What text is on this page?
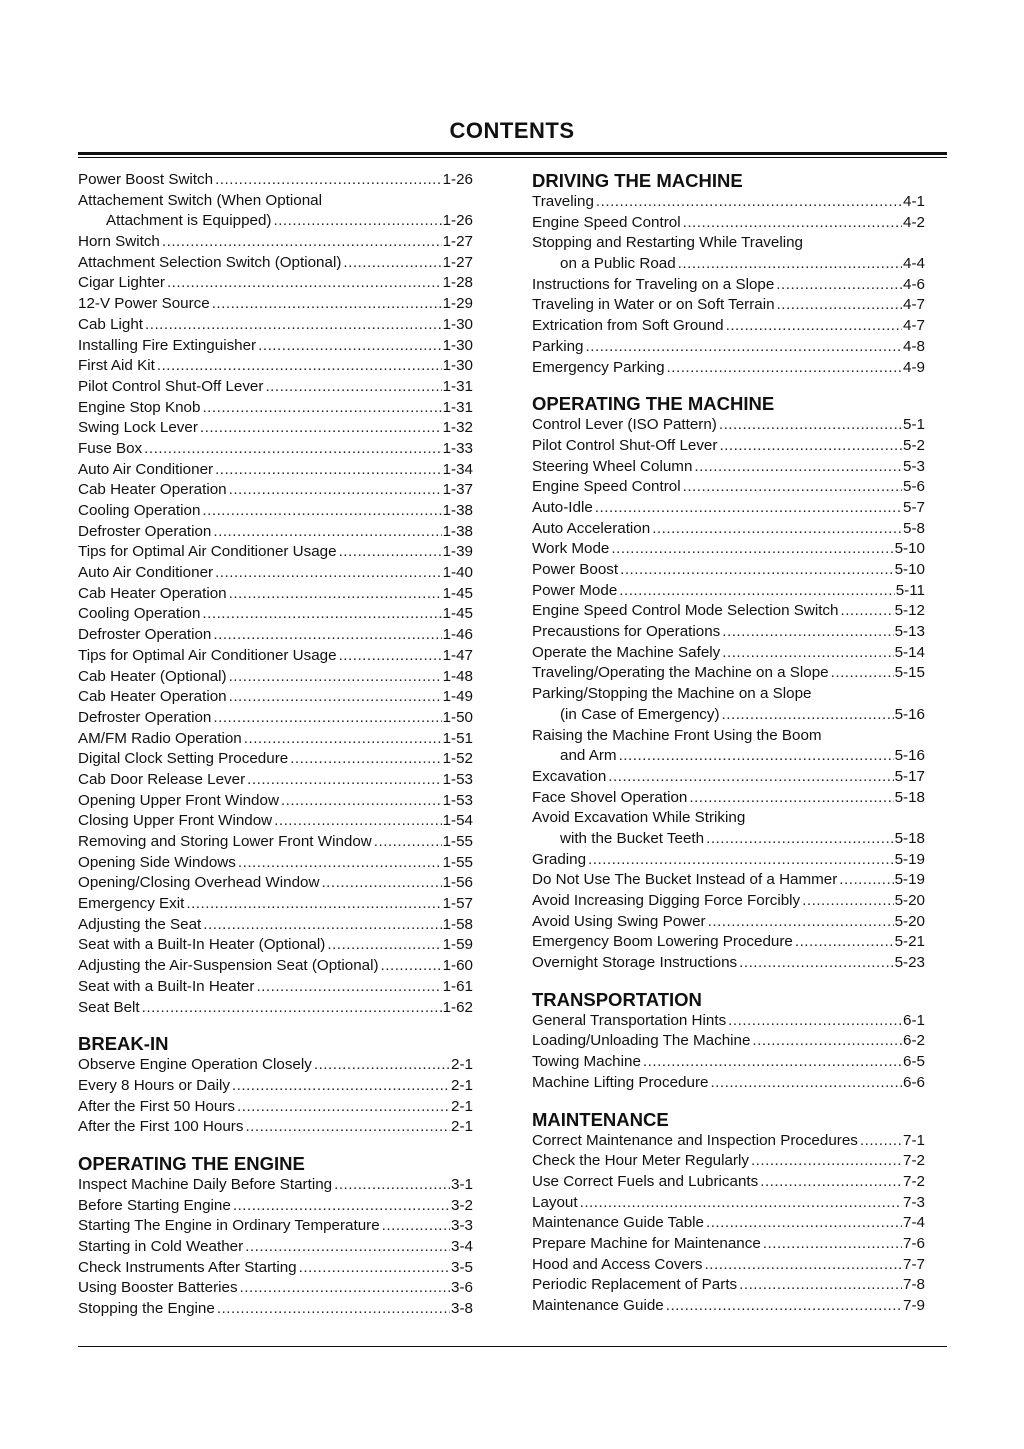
CONTENTS
Power Boost Switch .....	1-26
Attachement Switch (When Optional
Attachment is Equipped) .....	1-26
Horn Switch .....	1-27
Attachment Selection Switch (Optional) .....	1-27
Cigar Lighter .....	1-28
12-V Power Source .....	1-29
Cab Light .....	1-30
Installing Fire Extinguisher .....	1-30
First Aid Kit .....	1-30
Pilot Control Shut-Off Lever .....	1-31
Engine Stop Knob .....	1-31
Swing Lock Lever .....	1-32
Fuse Box .....	1-33
Auto Air Conditioner .....	1-34
Cab Heater Operation .....	1-37
Cooling Operation .....	1-38
Defroster Operation .....	1-38
Tips for Optimal Air Conditioner Usage .....	1-39
Auto Air Conditioner .....	1-40
Cab Heater Operation .....	1-45
Cooling Operation .....	1-45
Defroster Operation .....	1-46
Tips for Optimal Air Conditioner Usage .....	1-47
Cab Heater (Optional) .....	1-48
Cab Heater Operation .....	1-49
Defroster Operation .....	1-50
AM/FM Radio Operation .....	1-51
Digital Clock Setting Procedure .....	1-52
Cab Door Release Lever .....	1-53
Opening Upper Front Window .....	1-53
Closing Upper Front Window .....	1-54
Removing and Storing Lower Front Window .....	1-55
Opening Side Windows .....	1-55
Opening/Closing Overhead Window .....	1-56
Emergency Exit .....	1-57
Adjusting the Seat .....	1-58
Seat with a Built-In Heater (Optional) .....	1-59
Adjusting the Air-Suspension Seat (Optional) .....	1-60
Seat with a Built-In Heater .....	1-61
Seat Belt .....	1-62
BREAK-IN
Observe Engine Operation Closely .....	2-1
Every 8 Hours or Daily .....	2-1
After the First 50 Hours .....	2-1
After the First 100 Hours .....	2-1
OPERATING THE ENGINE
Inspect Machine Daily Before Starting .....	3-1
Before Starting Engine .....	3-2
Starting The Engine in Ordinary Temperature .....	3-3
Starting in Cold Weather .....	3-4
Check Instruments After Starting .....	3-5
Using Booster Batteries .....	3-6
Stopping the Engine .....	3-8
DRIVING THE MACHINE
Traveling .....	4-1
Engine Speed Control .....	4-2
Stopping and Restarting While Traveling
on a Public Road .....	4-4
Instructions for Traveling on a Slope .....	4-6
Traveling in Water or on Soft Terrain .....	4-7
Extrication from Soft Ground .....	4-7
Parking .....	4-8
Emergency Parking .....	4-9
OPERATING THE MACHINE
Control Lever (ISO Pattern) .....	5-1
Pilot Control Shut-Off Lever .....	5-2
Steering Wheel Column .....	5-3
Engine Speed Control .....	5-6
Auto-Idle .....	5-7
Auto Acceleration .....	5-8
Work Mode .....	5-10
Power Boost .....	5-10
Power Mode .....	5-11
Engine Speed Control Mode Selection Switch .....	5-12
Precaustions for Operations .....	5-13
Operate the Machine Safely .....	5-14
Traveling/Operating the Machine on a Slope .....	5-15
Parking/Stopping the Machine on a Slope
(in Case of Emergency) .....	5-16
Raising the Machine Front Using the Boom
and Arm .....	5-16
Excavation .....	5-17
Face Shovel Operation .....	5-18
Avoid Excavation While Striking
with the Bucket Teeth .....	5-18
Grading .....	5-19
Do Not Use The Bucket Instead of a Hammer .....	5-19
Avoid Increasing Digging Force Forcibly .....	5-20
Avoid Using Swing Power .....	5-20
Emergency Boom Lowering Procedure .....	5-21
Overnight Storage Instructions .....	5-23
TRANSPORTATION
General Transportation Hints .....	6-1
Loading/Unloading The Machine .....	6-2
Towing Machine .....	6-5
Machine Lifting Procedure .....	6-6
MAINTENANCE
Correct Maintenance and Inspection Procedures .....	7-1
Check the Hour Meter Regularly .....	7-2
Use Correct Fuels and Lubricants .....	7-2
Layout .....	7-3
Maintenance Guide Table .....	7-4
Prepare Machine for Maintenance .....	7-6
Hood and Access Covers .....	7-7
Periodic Replacement of Parts .....	7-8
Maintenance Guide .....	7-9
